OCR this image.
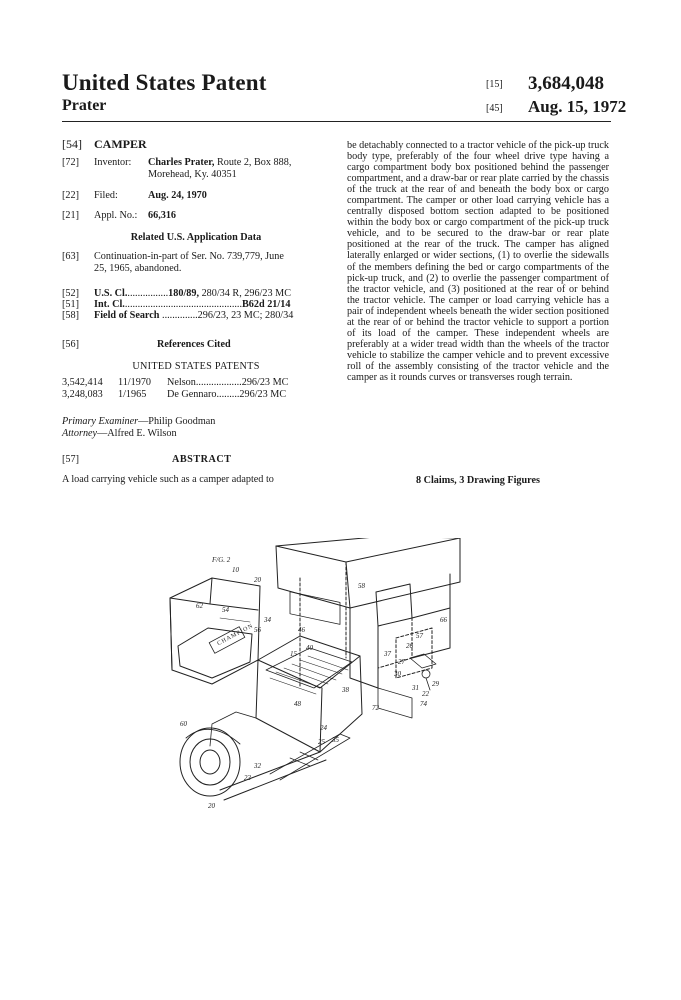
United States Patent
Prater
[15] 3,684,048
[45] Aug. 15, 1972
[54] CAMPER
[72] Inventor: Charles Prater, Route 2, Box 888,
Morehead, Ky. 40351
[22] Filed:	Aug. 24, 1970
[21] Appl. No.: 66,316
Related U.S. Application Data
[63] Continuation-in-part of Ser. No. 739,779, June
25, 1965, abandoned.
[52] U.S. Cl.................180/89, 280/34 R, 296/23 MC
[51] Int. Cl...............................................B62d 21/14
[58] Field of Search ..............296/23, 23 MC; 280/34
[56]	References Cited
UNITED STATES PATENTS
3,542,414 11/1970 Nelson..................296/23 MC
3,248,083 1/1965 De Gennaro.........296/23 MC
Primary Examiner—Philip Goodman
Attorney—Alfred E. Wilson
[57]	ABSTRACT
A load carrying vehicle such as a camper adapted to
be detachably connected to a tractor vehicle of the pick-up truck body type, preferably of the four wheel drive type having a cargo compartment body box positioned behind the passenger compartment, and a draw-bar or rear plate carried by the chassis of the truck at the rear of and beneath the body box or cargo compartment. The camper or other load carrying vehicle has a centrally disposed bottom section adapted to be positioned within the body box or cargo compartment of the pick-up truck vehicle, and to be secured to the draw-bar or rear plate positioned at the rear of the truck. The camper has aligned laterally enlarged or wider sections, (1) to overlie the sidewalls of the members defining the bed or cargo compartments of the pick-up truck, and (2) to overlie the passenger compartment of the tractor vehicle, and (3) positioned at the rear of or behind the tractor vehicle. The camper or load carrying vehicle has a pair of independent wheels beneath the wider section positioned at the rear of or behind the tractor vehicle to support a portion of its load of the camper. These independent wheels are preferably at a wider tread width than the wheels of the tractor vehicle to stabilize the camper vehicle and to prevent excessive roll of the assembly consisting of the tractor vehicle and the camper as it rounds curves or transverses rough terrain.
8 Claims, 3 Drawing Figures
F/G. 2
10
20
62	54
56
34
46
40
15
48
60
20
32
23
24
25 35
38
58
72	74
66
37
27
30
29
31
22
26
57
CHAMPION
